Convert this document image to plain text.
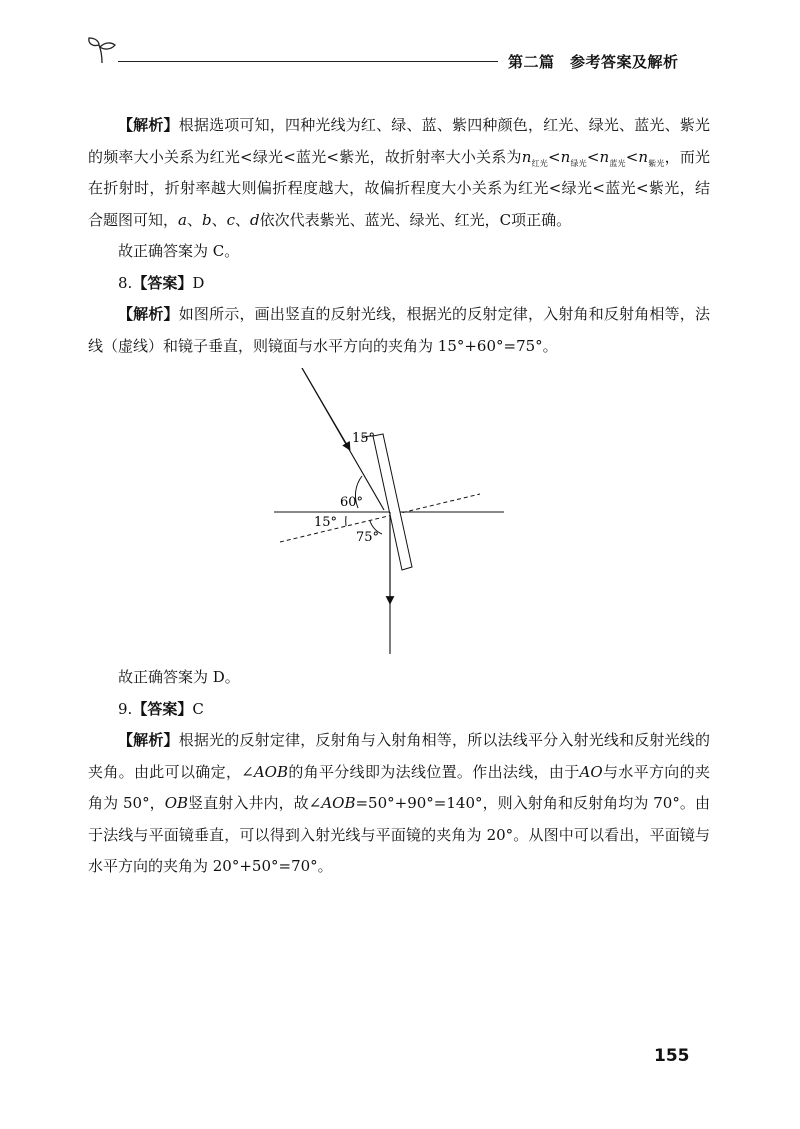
第二篇　参考答案及解析

【解析】根据选项可知，四种光线为红、绿、蓝、紫四种颜色，红光、绿光、蓝光、紫光的频率大小关系为红光<绿光<蓝光<紫光，故折射率大小关系为$n_{红光}<n_{绿光}<n_{蓝光}<n_{紫光}$，而光在折射时，折射率越大则偏折程度越大，故偏折程度大小关系为红光<绿光<蓝光<紫光，结合题图可知，a、b、c、d依次代表紫光、蓝光、绿光、红光，C项正确。

故正确答案为 C。

8.【答案】D

【解析】如图所示，画出竖直的反射光线，根据光的反射定律，入射角和反射角相等，法线（虚线）和镜子垂直，则镜面与水平方向的夹角为 15°+60°=75°。

15°
60°
15°
75°

故正确答案为 D。

9.【答案】C

【解析】根据光的反射定律，反射角与入射角相等，所以法线平分入射光线和反射光线的夹角。由此可以确定，∠AOB的角平分线即为法线位置。作出法线，由于AO与水平方向的夹角为 50°，OB竖直射入井内，故∠AOB=50°+90°=140°，则入射角和反射角均为 70°。由于法线与平面镜垂直，可以得到入射光线与平面镜的夹角为 20°。从图中可以看出，平面镜与水平方向的夹角为 20°+50°=70°。

155
